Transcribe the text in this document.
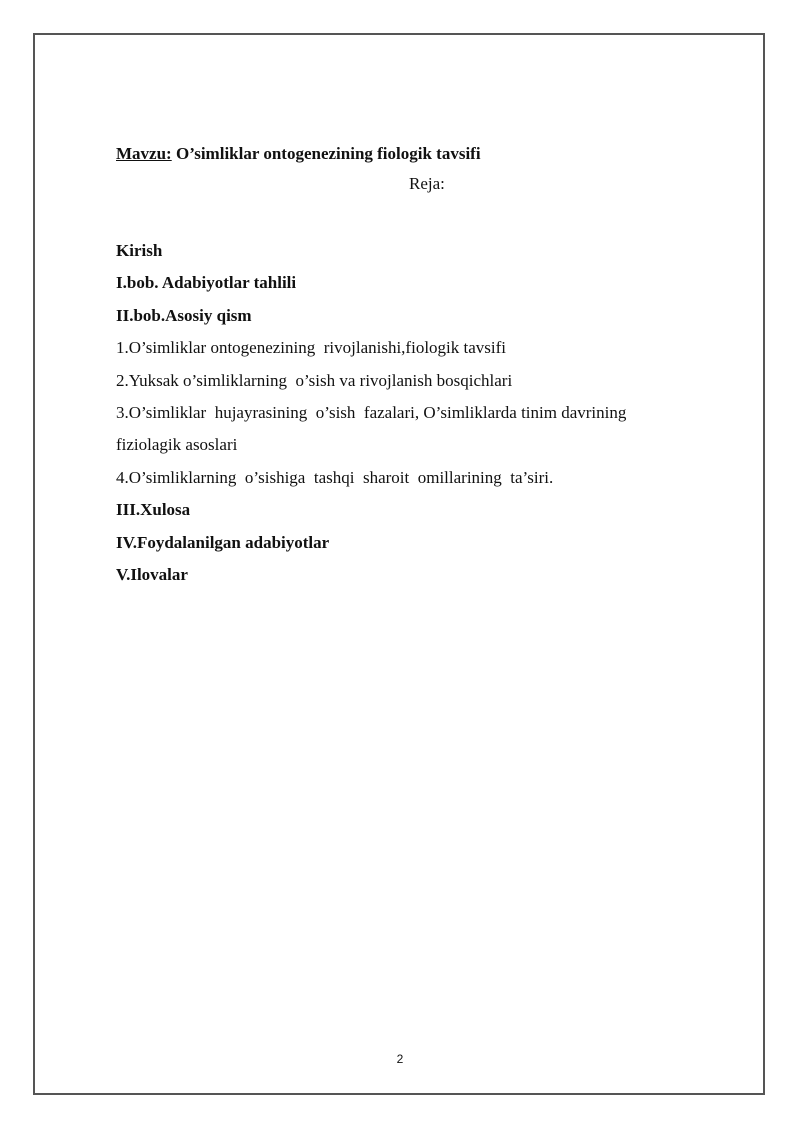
Mavzu: O’simliklar ontogenezining fiologik tavsifi
Reja:
Kirish
I.bob. Adabiyotlar tahlili
II.bob.Asosiy qism
1.O’simliklar ontogenezining  rivojlanishi,fiologik tavsifi
2.Yuksak o’simliklarning  o’sish va rivojlanish bosqichlari
3.O’simliklar  hujayrasining  o’sish  fazalari, O’simliklarda tinim davrining
fiziolagik asoslari
4.O’simliklarning  o’sishiga  tashqi  sharoit  omillarining  ta’siri.
III.Xulosa
IV.Foydalanilgan adabiyotlar
V.Ilovalar
2
